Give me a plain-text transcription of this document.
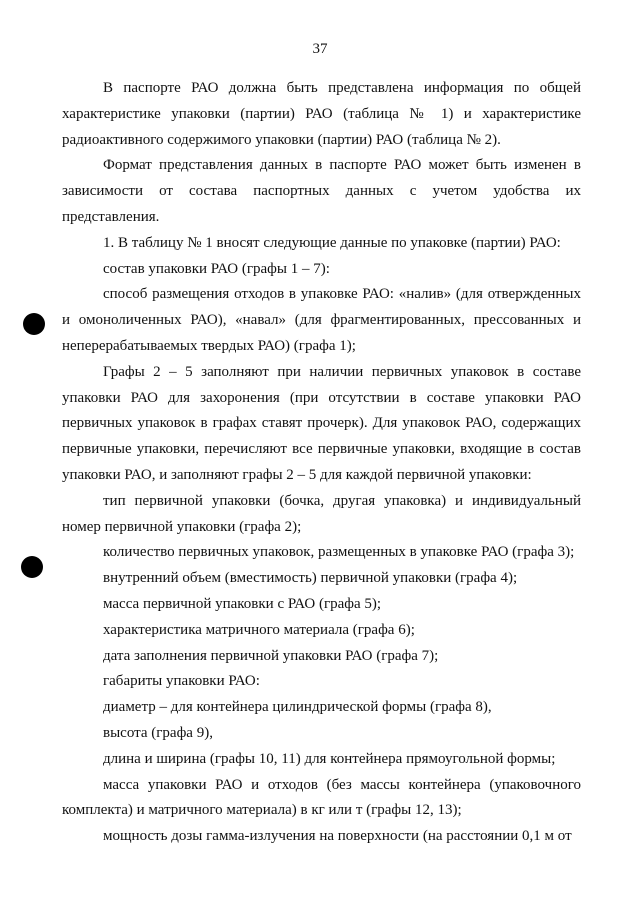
37

В паспорте РАО должна быть представлена информация по общей характеристике упаковки (партии) РАО (таблица № 1) и характеристике радиоактивного содержимого упаковки (партии) РАО (таблица № 2).

Формат представления данных в паспорте РАО может быть изменен в зависимости от состава паспортных данных с учетом удобства их представления.

1. В таблицу № 1 вносят следующие данные по упаковке (партии) РАО:

состав упаковки РАО (графы 1 – 7):

способ размещения отходов в упаковке РАО: «налив» (для отвержденных и омоноличенных РАО), «навал» (для фрагментированных, прессованных и неперерабатываемых твердых РАО) (графа 1);

Графы 2 – 5 заполняют при наличии первичных упаковок в составе упаковки РАО для захоронения (при отсутствии в составе упаковки РАО первичных упаковок в графах ставят прочерк). Для упаковок РАО, содержащих первичные упаковки, перечисляют все первичные упаковки, входящие в состав упаковки РАО, и заполняют графы 2 – 5 для каждой первичной упаковки:

тип первичной упаковки (бочка, другая упаковка) и индивидуальный номер первичной упаковки (графа 2);

количество первичных упаковок, размещенных в упаковке РАО (графа 3);

внутренний объем (вместимость) первичной упаковки (графа 4);

масса первичной упаковки с РАО (графа 5);

характеристика матричного материала (графа 6);

дата заполнения первичной упаковки РАО (графа 7);

габариты упаковки РАО:

диаметр – для контейнера цилиндрической формы (графа 8),

высота (графа 9),

длина и ширина (графы 10, 11) для контейнера прямоугольной формы;

масса упаковки РАО и отходов (без массы контейнера (упаковочного комплекта) и матричного материала) в кг или т (графы 12, 13);

мощность дозы гамма-излучения на поверхности (на расстоянии 0,1 м от
